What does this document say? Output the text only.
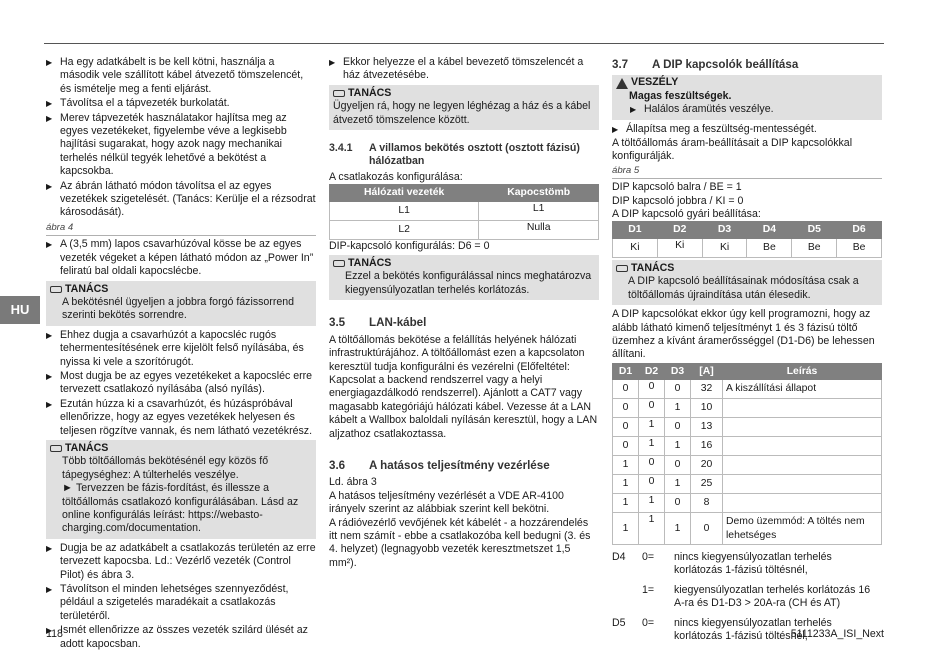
HU
▶ Ha egy adatkábelt is be kell kötni, használja a második vele szállított kábel átvezető tömszelencét, és ismételje meg a fenti eljárást.
▶ Távolítsa el a tápvezeték burkolatát.
▶ Merev tápvezeték használatakor hajlítsa meg az egyes vezetékeket, figyelembe véve a legkisebb hajlítási sugarakat, hogy azok nagy mechanikai terhelés nélkül tegyék lehetővé a bekötést a kapcsokba.
▶ Az ábrán látható módon távolítsa el az egyes vezetékek szigetelését. (Tanács: Kerülje el a rézsodrat károsodását).
ábra 4
▶ A (3,5 mm) lapos csavarhúzóval kösse be az egyes vezeték végeket a képen látható módon az „Power In” feliratú bal oldali kapocslécbe.
TANÁCS
A bekötésnél ügyeljen a jobbra forgó fázissorrend szerinti bekötés sorrendre.
▶ Ehhez dugja a csavarhúzót a kapocsléc rugós tehermentesítésének erre kijelölt felső nyílásába, és nyissa ki vele a szorítórugót.
▶ Most dugja be az egyes vezetékeket a kapocsléc erre tervezett csatlakozó nyílásába (alsó nyílás).
▶ Ezután húzza ki a csavarhúzót, és húzáspróbával ellenőrizze, hogy az egyes vezetékek helyesen és teljesen rögzítve vannak, és nem látható vezetékrész.
TANÁCS
Több töltőállomás bekötésénél egy közös fő tápegységhez: A túlterhelés veszélye.
► Tervezzen be fázis-fordítást, és illessze a töltőállomás csatlakozó konfigurálásában. Lásd az online konfigurálás leírást: https://webasto-charging.com/documentation.
▶ Dugja be az adatkábelt a csatlakozás területén az erre tervezett kapocsba. Ld.: Vezérlő vezeték (Control Pilot) és ábra 3.
▶ Távolítson el minden lehetséges szennyeződést, például a szigetelés maradékait a csatlakozás területéről.
▶ Ismét ellenőrizze az összes vezeték szilárd ülését az adott kapocsban.
▶ Ekkor helyezze el a kábel bevezető tömszelencét a ház átvezetésébe.
TANÁCS
Ügyeljen rá, hogy ne legyen léghézag a ház és a kábel átvezető tömszelence között.
3.4.1	A villamos bekötés osztott (osztott fázisú) hálózatban

A csatlakozás konfigurálása:

Hálózati vezeték	Kapocstömb
L1	L1
L2	Nulla

DIP-kapcsoló konfigurálás: D6 = 0

TANÁCS
Ezzel a bekötés konfigurálással nincs meghatározva kiegyensúlyozatlan terhelés korlátozás.
3.5	LAN-kábel

A töltőállomás bekötése a felállítás helyének hálózati infrastruktúrájához. A töltőállomást ezen a kapcsolaton keresztül tudja konfigurálni és vezérelni (Előfeltétel: Kapcsolat a backend rendszerrel vagy a helyi energiagazdálkodó rendszerrel). Ajánlott a CAT7 vagy magasabb kategóriájú hálózati kábel. Vezesse át a LAN kábelt a Wallbox baloldali nyílásán keresztül, hogy a LAN aljzathoz csatlakoztassa.

3.6	A hatásos teljesítmény vezérlése

Ld. ábra 3

A hatásos teljesítmény vezérlését a VDE AR-4100 irányelv szerint az alábbiak szerint kell bekötni.

A rádióvezérlő vevőjének két kábelét - a hozzárendelés itt nem számít - ebbe a csatlakozóba kell bedugni (3. és 4. helyzet) (legnagyobb vezeték keresztmetszet 1,5 mm²).

3.7	A DIP kapcsolók beállítása
VESZÉLY
Magas feszültségek.
▶ Halálos áramütés veszélye.
▶ Állapítsa meg a feszültség-mentességét.

A töltőállomás áram-beállításait a DIP kapcsolókkal konfigurálják.

ábra 5

DIP kapcsoló balra / BE = 1

DIP kapcsoló jobbra / KI = 0

A DIP kapcsoló gyári beállítása:

D1	D2	D3	D4	D5	D6
Ki	Ki	Ki	Be	Be	Be
TANÁCS
A DIP kapcsoló beállításainak módosítása csak a töltőállomás újraindítása után élesedik.

A DIP kapcsolókat ekkor úgy kell programozni, hogy az alább látható kimenő teljesítményt 1 és 3 fázisú töltő üzemhez a kívánt áramerősséggel (D1-D6) be lehessen állítani.

D1	D2	D3	[A]	Leírás
0	0	0	32	A kiszállítási állapot
0	0	1	10	
0	1	0	13	
0	1	1	16	
1	0	0	20	
1	0	1	25	
1	1	0	8	
1	1	1	0	Demo üzemmód: A töltés nem lehetséges
D4	0=	nincs kiegyensúlyozatlan terhelés korlátozás 1-fázisú töltésnél,
1=	kiegyensúlyozatlan terhelés korlátozás 16 A-ra és D1-D3 > 20A-ra (CH és AT)
D5	0=	nincs kiegyensúlyozatlan terhelés korlátozás 1-fázisú töltésnél,
118	5111233A_ISI_Next
